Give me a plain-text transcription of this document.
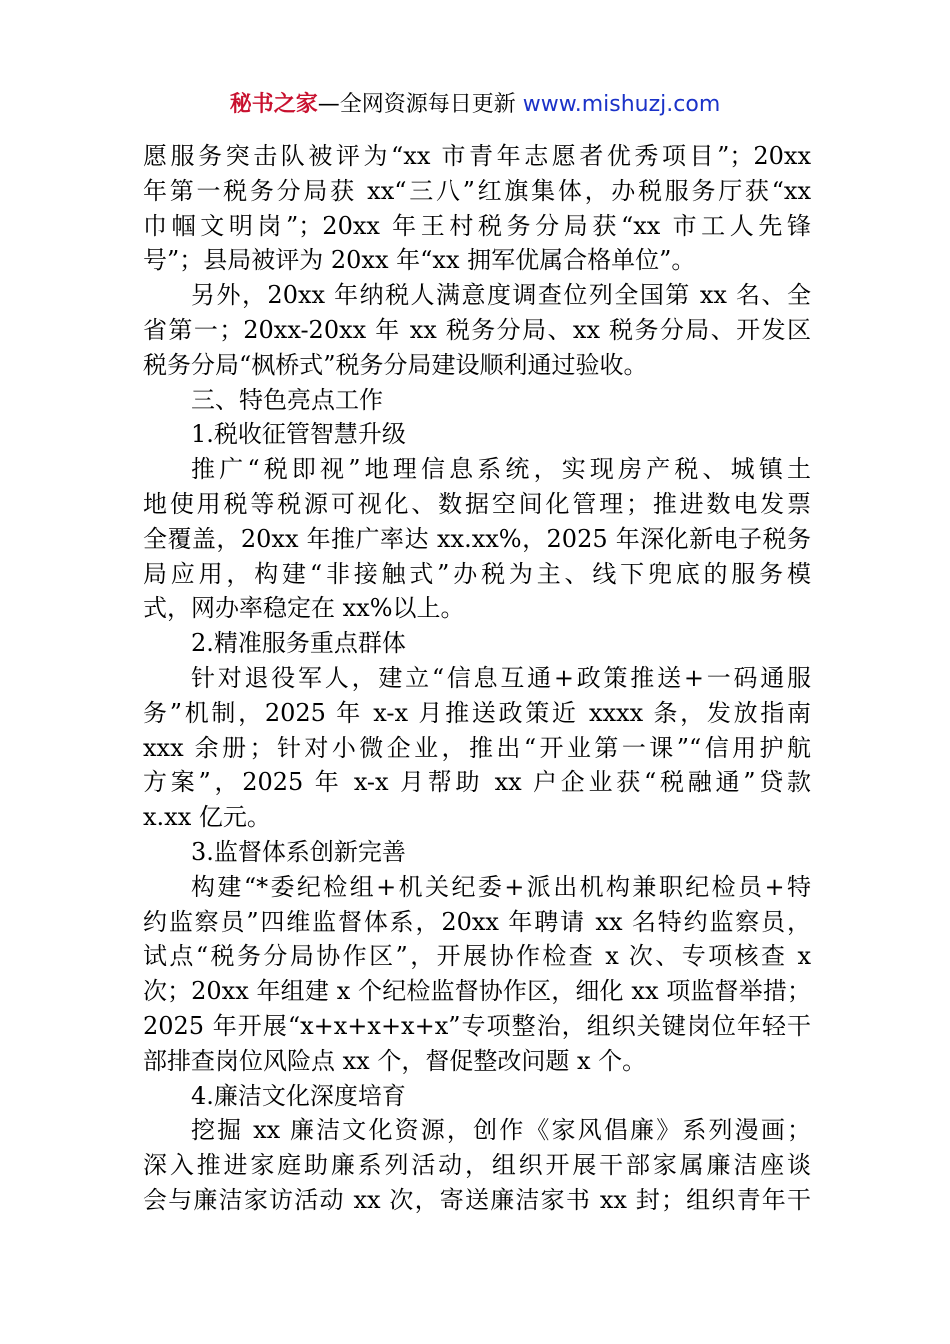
秘书之家—全网资源每日更新 www.mishuzj.com
愿服务突击队被评为“xx 市青年志愿者优秀项目”；20xx
年第一税务分局获 xx“三八”红旗集体，办税服务厅获“xx
巾帼文明岗”；20xx 年王村税务分局获“xx 市工人先锋
号”；县局被评为 20xx 年“xx 拥军优属合格单位”。
另外，20xx 年纳税人满意度调查位列全国第 xx 名、全
省第一；20xx-20xx 年 xx 税务分局、xx 税务分局、开发区
税务分局“枫桥式”税务分局建设顺利通过验收。
三、特色亮点工作
1.税收征管智慧升级
推广“税即视”地理信息系统，实现房产税、城镇土
地使用税等税源可视化、数据空间化管理；推进数电发票
全覆盖，20xx 年推广率达 xx.xx%，2025 年深化新电子税务
局应用，构建“非接触式”办税为主、线下兜底的服务模
式，网办率稳定在 xx%以上。
2.精准服务重点群体
针对退役军人，建立“信息互通+政策推送+一码通服
务”机制，2025 年 x-x 月推送政策近 xxxx 条，发放指南
xxx 余册；针对小微企业，推出“开业第一课”“信用护航
方案”，2025 年 x-x 月帮助 xx 户企业获“税融通”贷款
x.xx 亿元。
3.监督体系创新完善
构建“*委纪检组+机关纪委+派出机构兼职纪检员+特
约监察员”四维监督体系，20xx 年聘请 xx 名特约监察员，
试点“税务分局协作区”，开展协作检查 x 次、专项核查 x
次；20xx 年组建 x 个纪检监督协作区，细化 xx 项监督举措；
2025 年开展“x+x+x+x+x”专项整治，组织关键岗位年轻干
部排查岗位风险点 xx 个，督促整改问题 x 个。
4.廉洁文化深度培育
挖掘 xx 廉洁文化资源，创作《家风倡廉》系列漫画；
深入推进家庭助廉系列活动，组织开展干部家属廉洁座谈
会与廉洁家访活动 xx 次，寄送廉洁家书 xx 封；组织青年干
